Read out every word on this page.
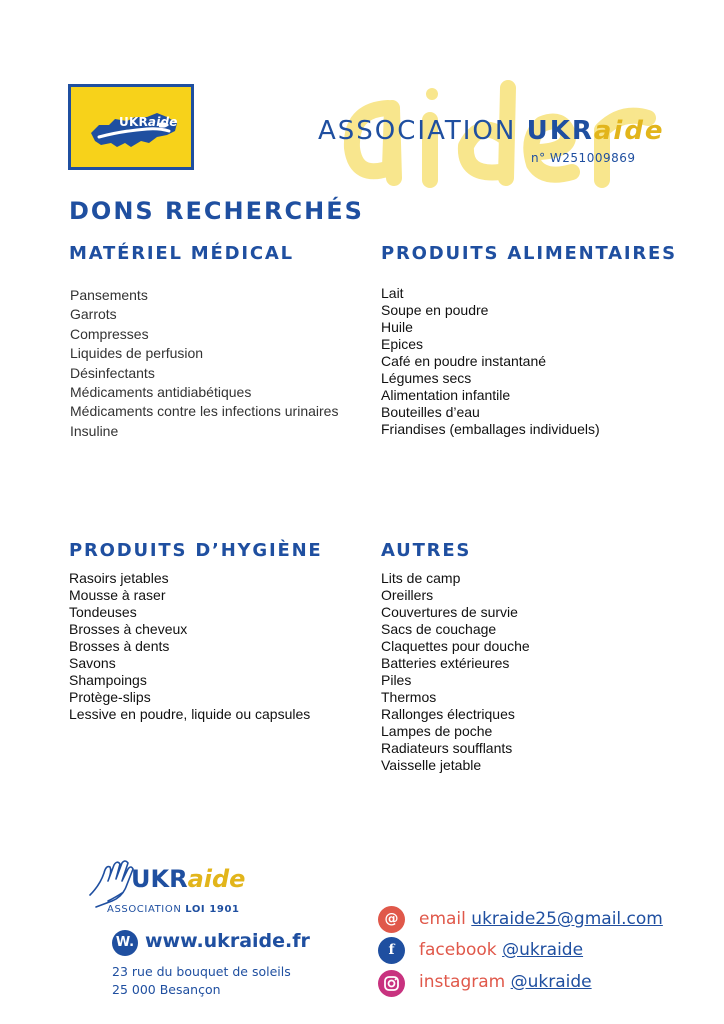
UKRaide	ASSOCIATION UKRaide
n° W251009869
DONS RECHERCHÉS
MATÉRIEL MÉDICAL	PRODUITS ALIMENTAIRES
PRODUITS D’HYGIÈNE	AUTRES
Pansements
Garrots
Compresses
Liquides de perfusion
Désinfectants
Médicaments antidiabétiques
Médicaments contre les infections urinaires
Insuline
Lait
Soupe en poudre
Huile
Epices
Café en poudre instantané
Légumes secs
Alimentation infantile
Bouteilles d’eau
Friandises (emballages individuels)
Rasoirs jetables
Mousse à raser
Tondeuses
Brosses à cheveux
Brosses à dents
Savons
Shampoings
Protège-slips
Lessive en poudre, liquide ou capsules
Lits de camp
Oreillers
Couvertures de survie
Sacs de couchage
Claquettes pour douche
Batteries extérieures
Piles
Thermos
Rallonges électriques
Lampes de poche
Radiateurs soufflants
Vaisselle jetable
UKRaide
ASSOCIATION LOI 1901
W. www.ukraide.fr
23 rue du bouquet de soleils
25 000 Besançon
@	email ukraide25@gmail.com
f	facebook @ukraide
instagram @ukraide
